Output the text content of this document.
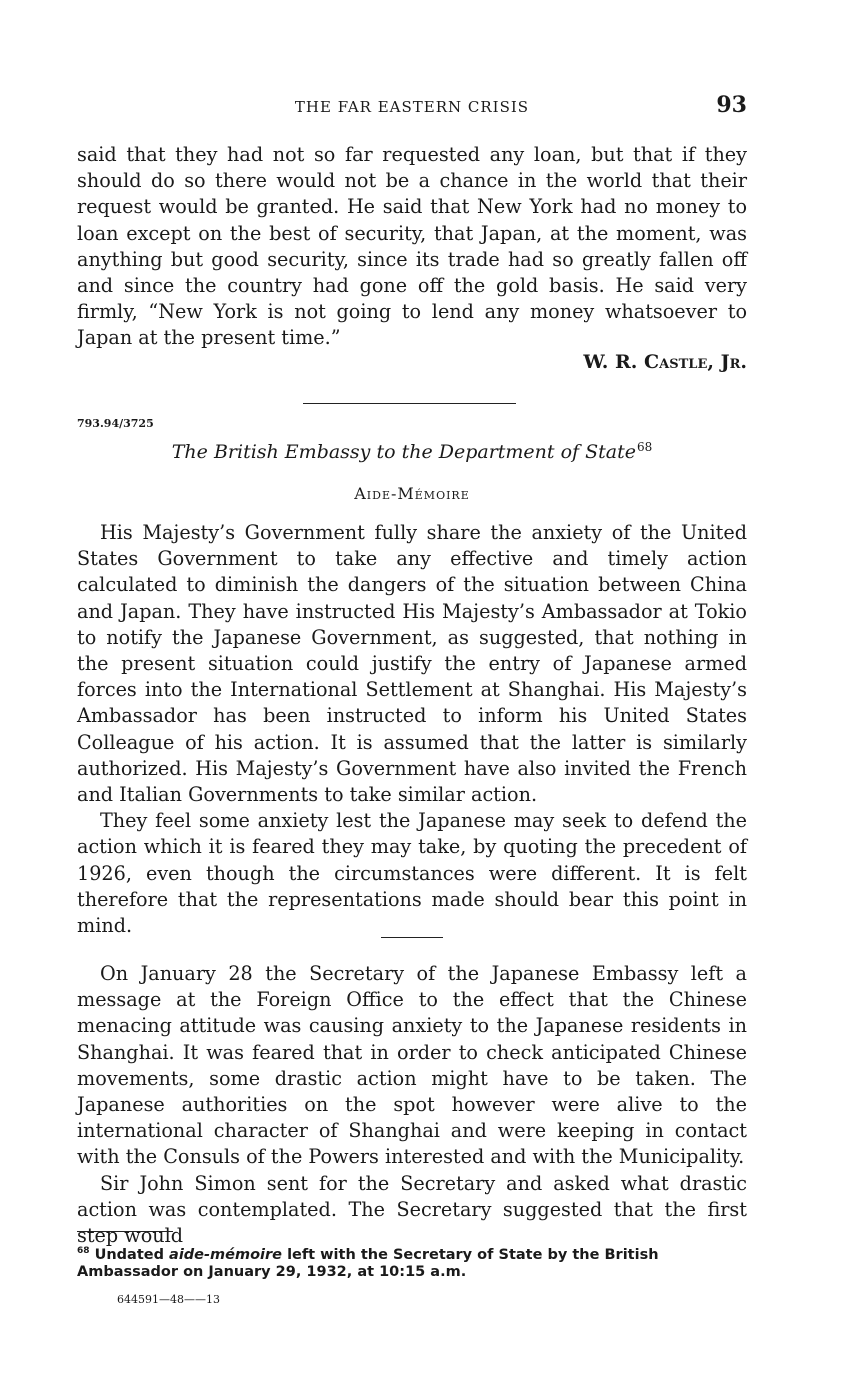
THE FAR EASTERN CRISIS	93

said that they had not so far requested any loan, but that if they should do so there would not be a chance in the world that their request would be granted. He said that New York had no money to loan except on the best of security, that Japan, at the moment, was anything but good security, since its trade had so greatly fallen off and since the country had gone off the gold basis. He said very firmly, “New York is not going to lend any money whatsoever to Japan at the present time.”

W. R. Castle, Jr.
793.94/3725
The British Embassy to the Department of State$^{68}$
Aide-Mémoire

His Majesty’s Government fully share the anxiety of the United States Government to take any effective and timely action calculated to diminish the dangers of the situation between China and Japan. They have instructed His Majesty’s Ambassador at Tokio to notify the Japanese Government, as suggested, that nothing in the present situation could justify the entry of Japanese armed forces into the International Settlement at Shanghai. His Majesty’s Ambassador has been instructed to inform his United States Colleague of his action. It is assumed that the latter is similarly authorized. His Majesty’s Government have also invited the French and Italian Governments to take similar action.

They feel some anxiety lest the Japanese may seek to defend the action which it is feared they may take, by quoting the precedent of 1926, even though the circumstances were different. It is felt therefore that the representations made should bear this point in mind.

On January 28 the Secretary of the Japanese Embassy left a message at the Foreign Office to the effect that the Chinese menacing attitude was causing anxiety to the Japanese residents in Shanghai. It was feared that in order to check anticipated Chinese movements, some drastic action might have to be taken. The Japanese authorities on the spot however were alive to the international character of Shanghai and were keeping in contact with the Consuls of the Powers interested and with the Municipality.

Sir John Simon sent for the Secretary and asked what drastic action was contemplated. The Secretary suggested that the first step would

$^{68}$ Undated aide-mémoire left with the Secretary of State by the British Ambassador on January 29, 1932, at 10:15 a.m.
644591—48——13
